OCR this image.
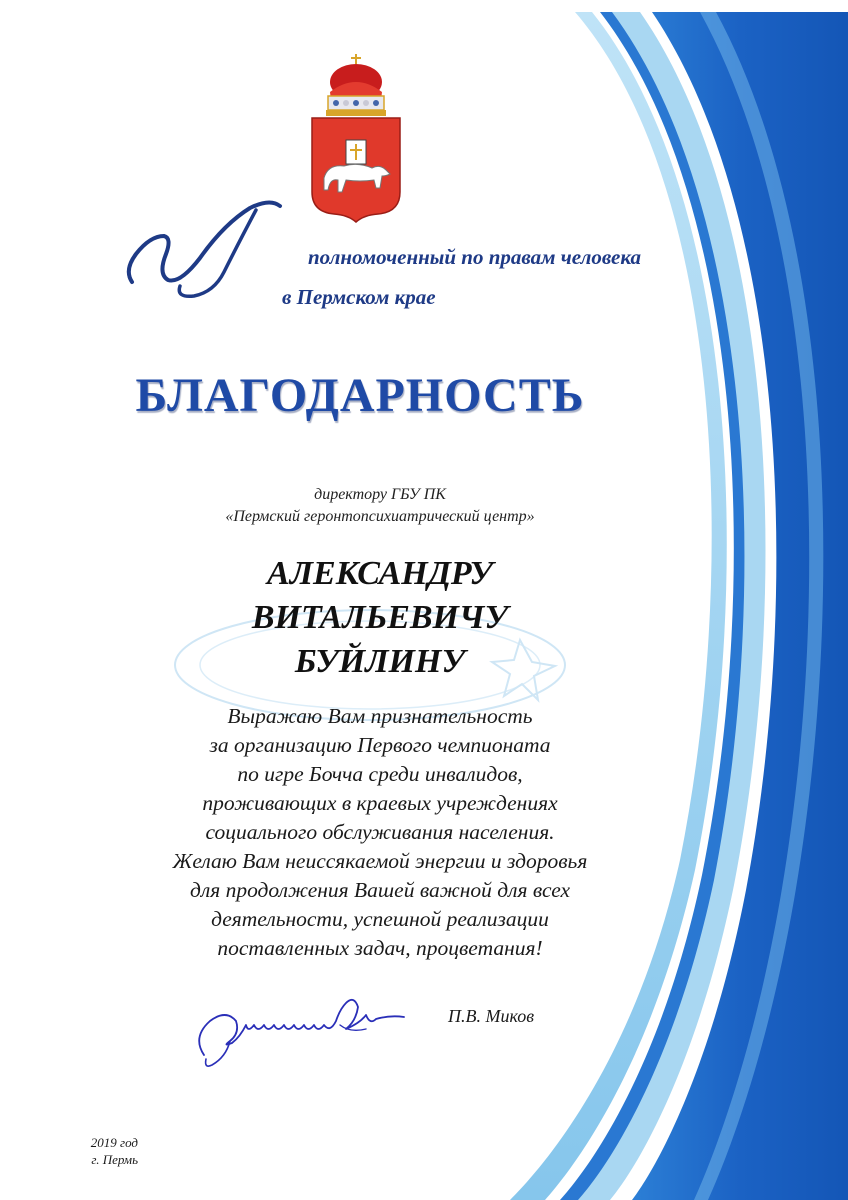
полномоченный по правам человека
в Пермском крае
БЛАГОДАРНОСТЬ
директору ГБУ ПК
«Пермский геронтопсихиатрический центр»
АЛЕКСАНДРУ
ВИТАЛЬЕВИЧУ
БУЙЛИНУ
Выражаю Вам признательность
за организацию Первого чемпионата
по игре Бочча среди инвалидов,
проживающих в краевых учреждениях
социального обслуживания населения.
Желаю Вам неиссякаемой энергии и здоровья
для продолжения Вашей важной для всех
деятельности, успешной реализации
поставленных задач, процветания!
П.В. Миков
2019 год
г. Пермь
